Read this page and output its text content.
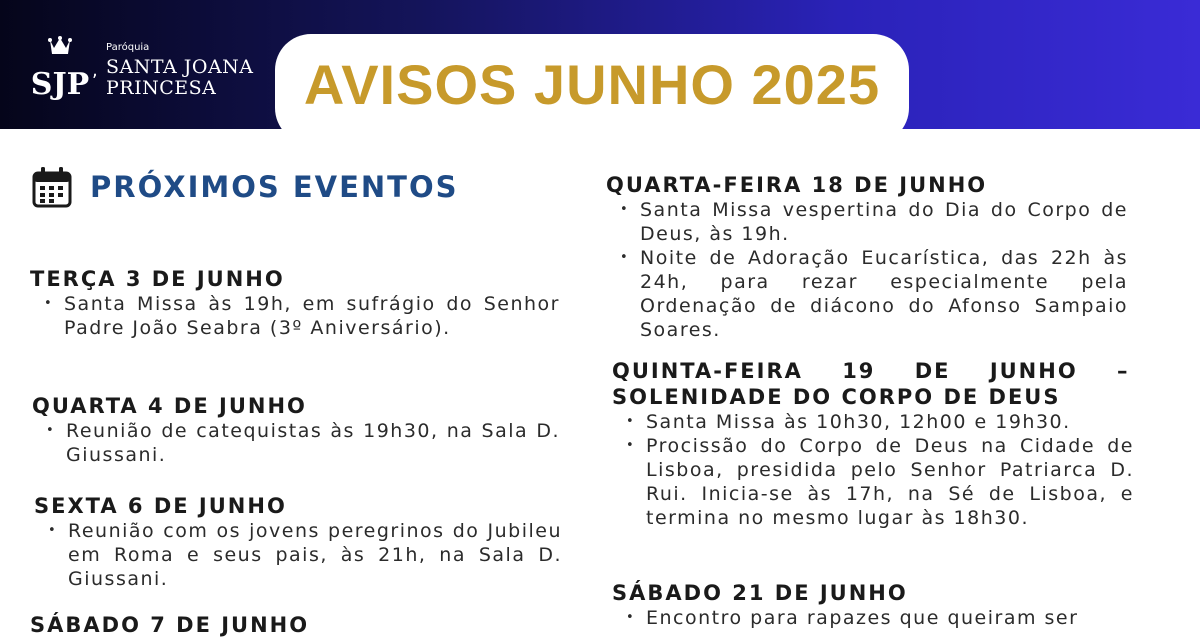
SJP ,
Paróquia
SANTA JOANA
PRINCESA	AVISOS JUNHO 2025
PRÓXIMOS EVENTOS
TERÇA 3 DE JUNHO
• Santa Missa às 19h, em sufrágio do Senhor Padre João Seabra (3º Aniversário).
QUARTA 4 DE JUNHO
• Reunião de catequistas às 19h30, na Sala D. Giussani.
SEXTA 6 DE JUNHO
• Reunião com os jovens peregrinos do Jubileu em Roma e seus pais, às 21h, na Sala D. Giussani.
SÁBADO 7 DE JUNHO
QUARTA-FEIRA 18 DE JUNHO
• Santa Missa vespertina do Dia do Corpo de Deus, às 19h.
• Noite de Adoração Eucarística, das 22h às 24h, para rezar especialmente pela Ordenação de diácono do Afonso Sampaio Soares.
QUINTA-FEIRA 19 DE JUNHO –
SOLENIDADE DO CORPO DE DEUS
• Santa Missa às 10h30, 12h00 e 19h30.
• Procissão do Corpo de Deus na Cidade de Lisboa, presidida pelo Senhor Patriarca D. Rui. Inicia-se às 17h, na Sé de Lisboa, e termina no mesmo lugar às 18h30.
SÁBADO 21 DE JUNHO
• Encontro para rapazes que queiram ser
